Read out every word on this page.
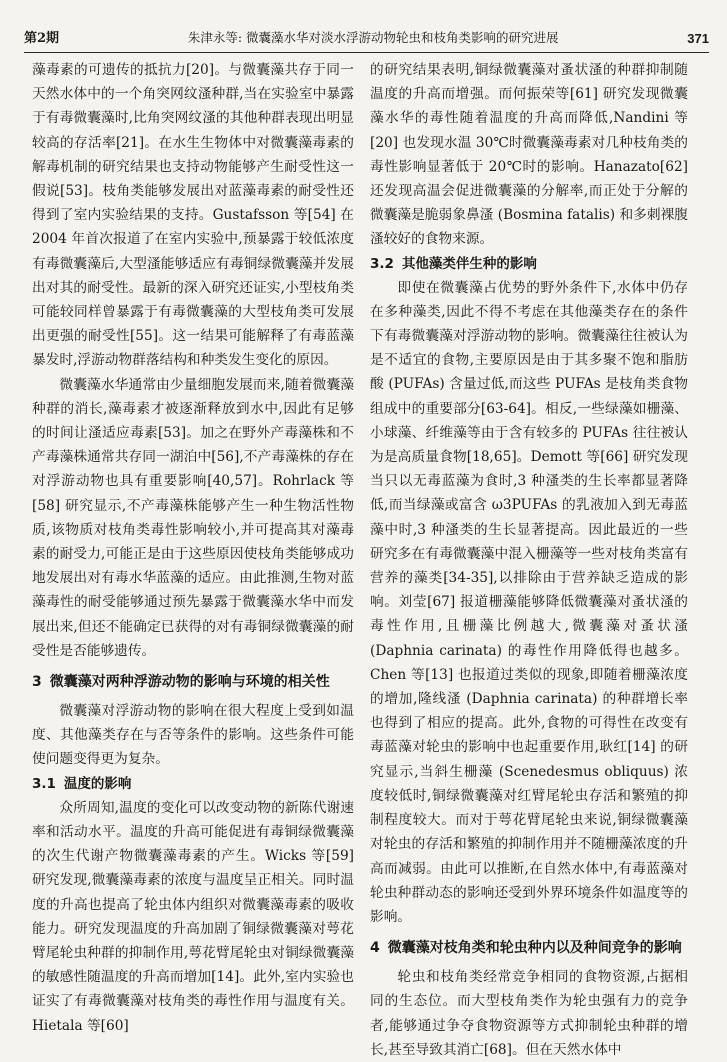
第2期	朱津永等: 微囊藻水华对淡水浮游动物轮虫和枝角类影响的研究进展	371

藻毒素的可遗传的抵抗力[20]。与微囊藻共存于同一天然水体中的一个角突网纹溞种群,当在实验室中暴露于有毒微囊藻时,比角突网纹溞的其他种群表现出明显较高的存活率[21]。在水生生物体中对微囊藻毒素的解毒机制的研究结果也支持动物能够产生耐受性这一假说[53]。枝角类能够发展出对蓝藻毒素的耐受性还得到了室内实验结果的支持。Gustafsson 等[54] 在 2004 年首次报道了在室内实验中,预暴露于较低浓度有毒微囊藻后,大型溞能够适应有毒铜绿微囊藻并发展出对其的耐受性。最新的深入研究还证实,小型枝角类可能较同样曾暴露于有毒微囊藻的大型枝角类可发展出更强的耐受性[55]。这一结果可能解释了有毒蓝藻暴发时,浮游动物群落结构和种类发生变化的原因。

微囊藻水华通常由少量细胞发展而来,随着微囊藻种群的消长,藻毒素才被逐渐释放到水中,因此有足够的时间让溞适应毒素[53]。加之在野外产毒藻株和不产毒藻株通常共存同一湖泊中[56],不产毒藻株的存在对浮游动物也具有重要影响[40,57]。Rohrlack 等[58] 研究显示,不产毒藻株能够产生一种生物活性物质,该物质对枝角类毒性影响较小,并可提高其对藻毒素的耐受力,可能正是由于这些原因使枝角类能够成功地发展出对有毒水华蓝藻的适应。由此推测,生物对蓝藻毒性的耐受能够通过预先暴露于微囊藻水华中而发展出来,但还不能确定已获得的对有毒铜绿微囊藻的耐受性是否能够遗传。

3 微囊藻对两种浮游动物的影响与环境的相关性

微囊藻对浮游动物的影响在很大程度上受到如温度、其他藻类存在与否等条件的影响。这些条件可能使问题变得更为复杂。

3.1 温度的影响

众所周知,温度的变化可以改变动物的新陈代谢速率和活动水平。温度的升高可能促进有毒铜绿微囊藻的次生代谢产物微囊藻毒素的产生。Wicks 等[59] 研究发现,微囊藻毒素的浓度与温度呈正相关。同时温度的升高也提高了轮虫体内组织对微囊藻毒素的吸收能力。研究发现温度的升高加剧了铜绿微囊藻对萼花臂尾轮虫种群的抑制作用,萼花臂尾轮虫对铜绿微囊藻的敏感性随温度的升高而增加[14]。此外,室内实验也证实了有毒微囊藻对枝角类的毒性作用与温度有关。Hietala 等[60]

的研究结果表明,铜绿微囊藻对蚤状溞的种群抑制随温度的升高而增强。而何振荣等[61] 研究发现微囊藻水华的毒性随着温度的升高而降低,Nandini 等[20] 也发现水温 30℃时微囊藻毒素对几种枝角类的毒性影响显著低于 20℃时的影响。Hanazato[62] 还发现高温会促进微囊藻的分解率,而正处于分解的微囊藻是脆弱象鼻溞 (Bosmina fatalis) 和多刺裸腹溞较好的食物来源。

3.2 其他藻类伴生种的影响

即使在微囊藻占优势的野外条件下,水体中仍存在多种藻类,因此不得不考虑在其他藻类存在的条件下有毒微囊藻对浮游动物的影响。微囊藻往往被认为是不适宜的食物,主要原因是由于其多聚不饱和脂肪酸 (PUFAs) 含量过低,而这些 PUFAs 是枝角类食物组成中的重要部分[63-64]。相反,一些绿藻如栅藻、小球藻、纤维藻等由于含有较多的 PUFAs 往往被认为是高质量食物[18,65]。Demott 等[66] 研究发现当只以无毒蓝藻为食时,3 种溞类的生长率都显著降低,而当绿藻或富含 ω3PUFAs 的乳液加入到无毒蓝藻中时,3 种溞类的生长显著提高。因此最近的一些研究多在有毒微囊藻中混入栅藻等一些对枝角类富有营养的藻类[34-35],以排除由于营养缺乏造成的影响。刘莹[67] 报道栅藻能够降低微囊藻对蚤状溞的毒性作用,且栅藻比例越大,微囊藻对蚤状溞 (Daphnia carinata) 的毒性作用降低得也越多。Chen 等[13] 也报道过类似的现象,即随着栅藻浓度的增加,隆线溞 (Daphnia carinata) 的种群增长率也得到了相应的提高。此外,食物的可得性在改变有毒蓝藻对轮虫的影响中也起重要作用,耿红[14] 的研究显示,当斜生栅藻 (Scenedesmus obliquus) 浓度较低时,铜绿微囊藻对红臂尾轮虫存活和繁殖的抑制程度较大。而对于萼花臂尾轮虫来说,铜绿微囊藻对轮虫的存活和繁殖的抑制作用并不随栅藻浓度的升高而减弱。由此可以推断,在自然水体中,有毒蓝藻对轮虫种群动态的影响还受到外界环境条件如温度等的影响。

4 微囊藻对枝角类和轮虫种内以及种间竞争的影响

轮虫和枝角类经常竞争相同的食物资源,占据相同的生态位。而大型枝角类作为轮虫强有力的竞争者,能够通过争夺食物资源等方式抑制轮虫种群的增长,甚至导致其消亡[68]。但在天然水体中
